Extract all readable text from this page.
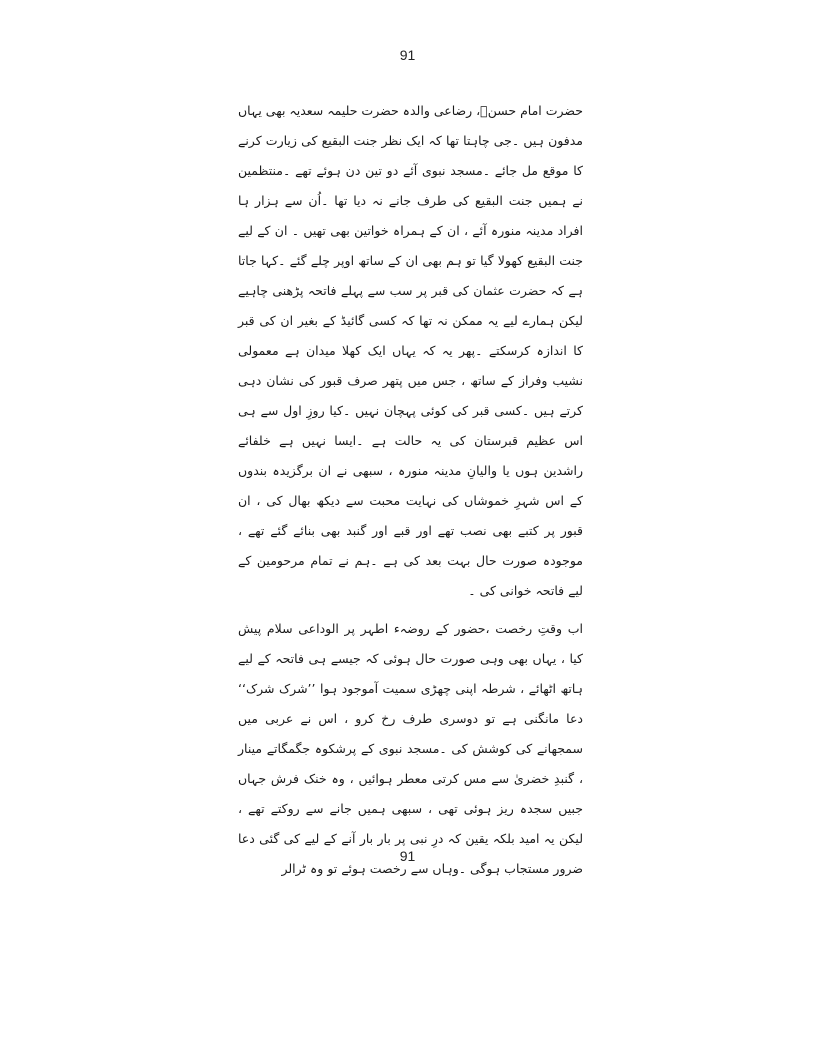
91

حضرت امام حسنؓ، رضاعی والدہ حضرت حلیمہ سعدیہ بھی یہاں مدفون ہیں ۔جی چاہتا تھا کہ ایک نظر جنت البقیع کی زیارت کرنے کا موقع مل جائے ۔مسجد نبوی آئے دو تین دن ہوئے تھے ۔منتظمین نے ہمیں جنت البقیع کی طرف جانے نہ دیا تھا ۔اُن سے ہزار ہا افراد مدینہ منورہ آئے ، ان کے ہمراہ خواتین بھی تھیں ۔ ان کے لیے جنت البقیع کھولا گیا تو ہم بھی ان کے ساتھ اوپر چلے گئے ۔کہا جاتا ہے کہ حضرت عثمان کی قبر پر سب سے پہلے فاتحہ پڑھنی چاہیے لیکن ہمارے لیے یہ ممکن نہ تھا کہ کسی گائیڈ کے بغیر ان کی قبر کا اندازہ کرسکتے ۔پھر یہ کہ یہاں ایک کھلا میدان ہے معمولی نشیب وفراز کے ساتھ ، جس میں پتھر صرف قبور کی نشان دہی کرتے ہیں ۔کسی قبر کی کوئی پہچان نہیں ۔کیا روزِ اول سے ہی اس عظیم قبرستان کی یہ حالت ہے ۔ایسا نہیں ہے خلفائے راشدین ہوں یا والیانِ مدینہ منورہ ، سبھی نے ان برگزیدہ بندوں کے اس شہرِ خموشاں کی نہایت محبت سے دیکھ بھال کی ، ان قبور پر کتبے بھی نصب تھے اور قبے اور گنبد بھی بنائے گئے تھے ، موجودہ صورت حال بہت بعد کی ہے ۔ہم نے تمام مرحومین کے لیے فاتحہ خوانی کی ۔

اب وقتِ رخصت ،حضور کے روضہء اطہر پر الوداعی سلام پیش کیا ، یہاں بھی وہی صورت حال ہوئی کہ جیسے ہی فاتحہ کے لیے ہاتھ اٹھائے ، شرطہ اپنی چھڑی سمیت آموجود ہوا ’’شرک شرک‘‘ دعا مانگنی ہے تو دوسری طرف رخ کرو ، اس نے عربی میں سمجھانے کی کوشش کی ۔مسجد نبوی کے پرشکوہ جگمگاتے مینار ، گنبدِ خضریٰ سے مس کرتی معطر ہوائیں ، وہ خنک فرش جہاں جبیں سجدہ ریز ہوئی تھی ، سبھی ہمیں جانے سے روکتے تھے ، لیکن یہ امید بلکہ یقین کہ درِ نبی پر بار بار آنے کے لیے کی گئی دعا ضرور مستجاب ہوگی ۔وہاں سے رخصت ہوئے تو وہ ٹرالر

91
